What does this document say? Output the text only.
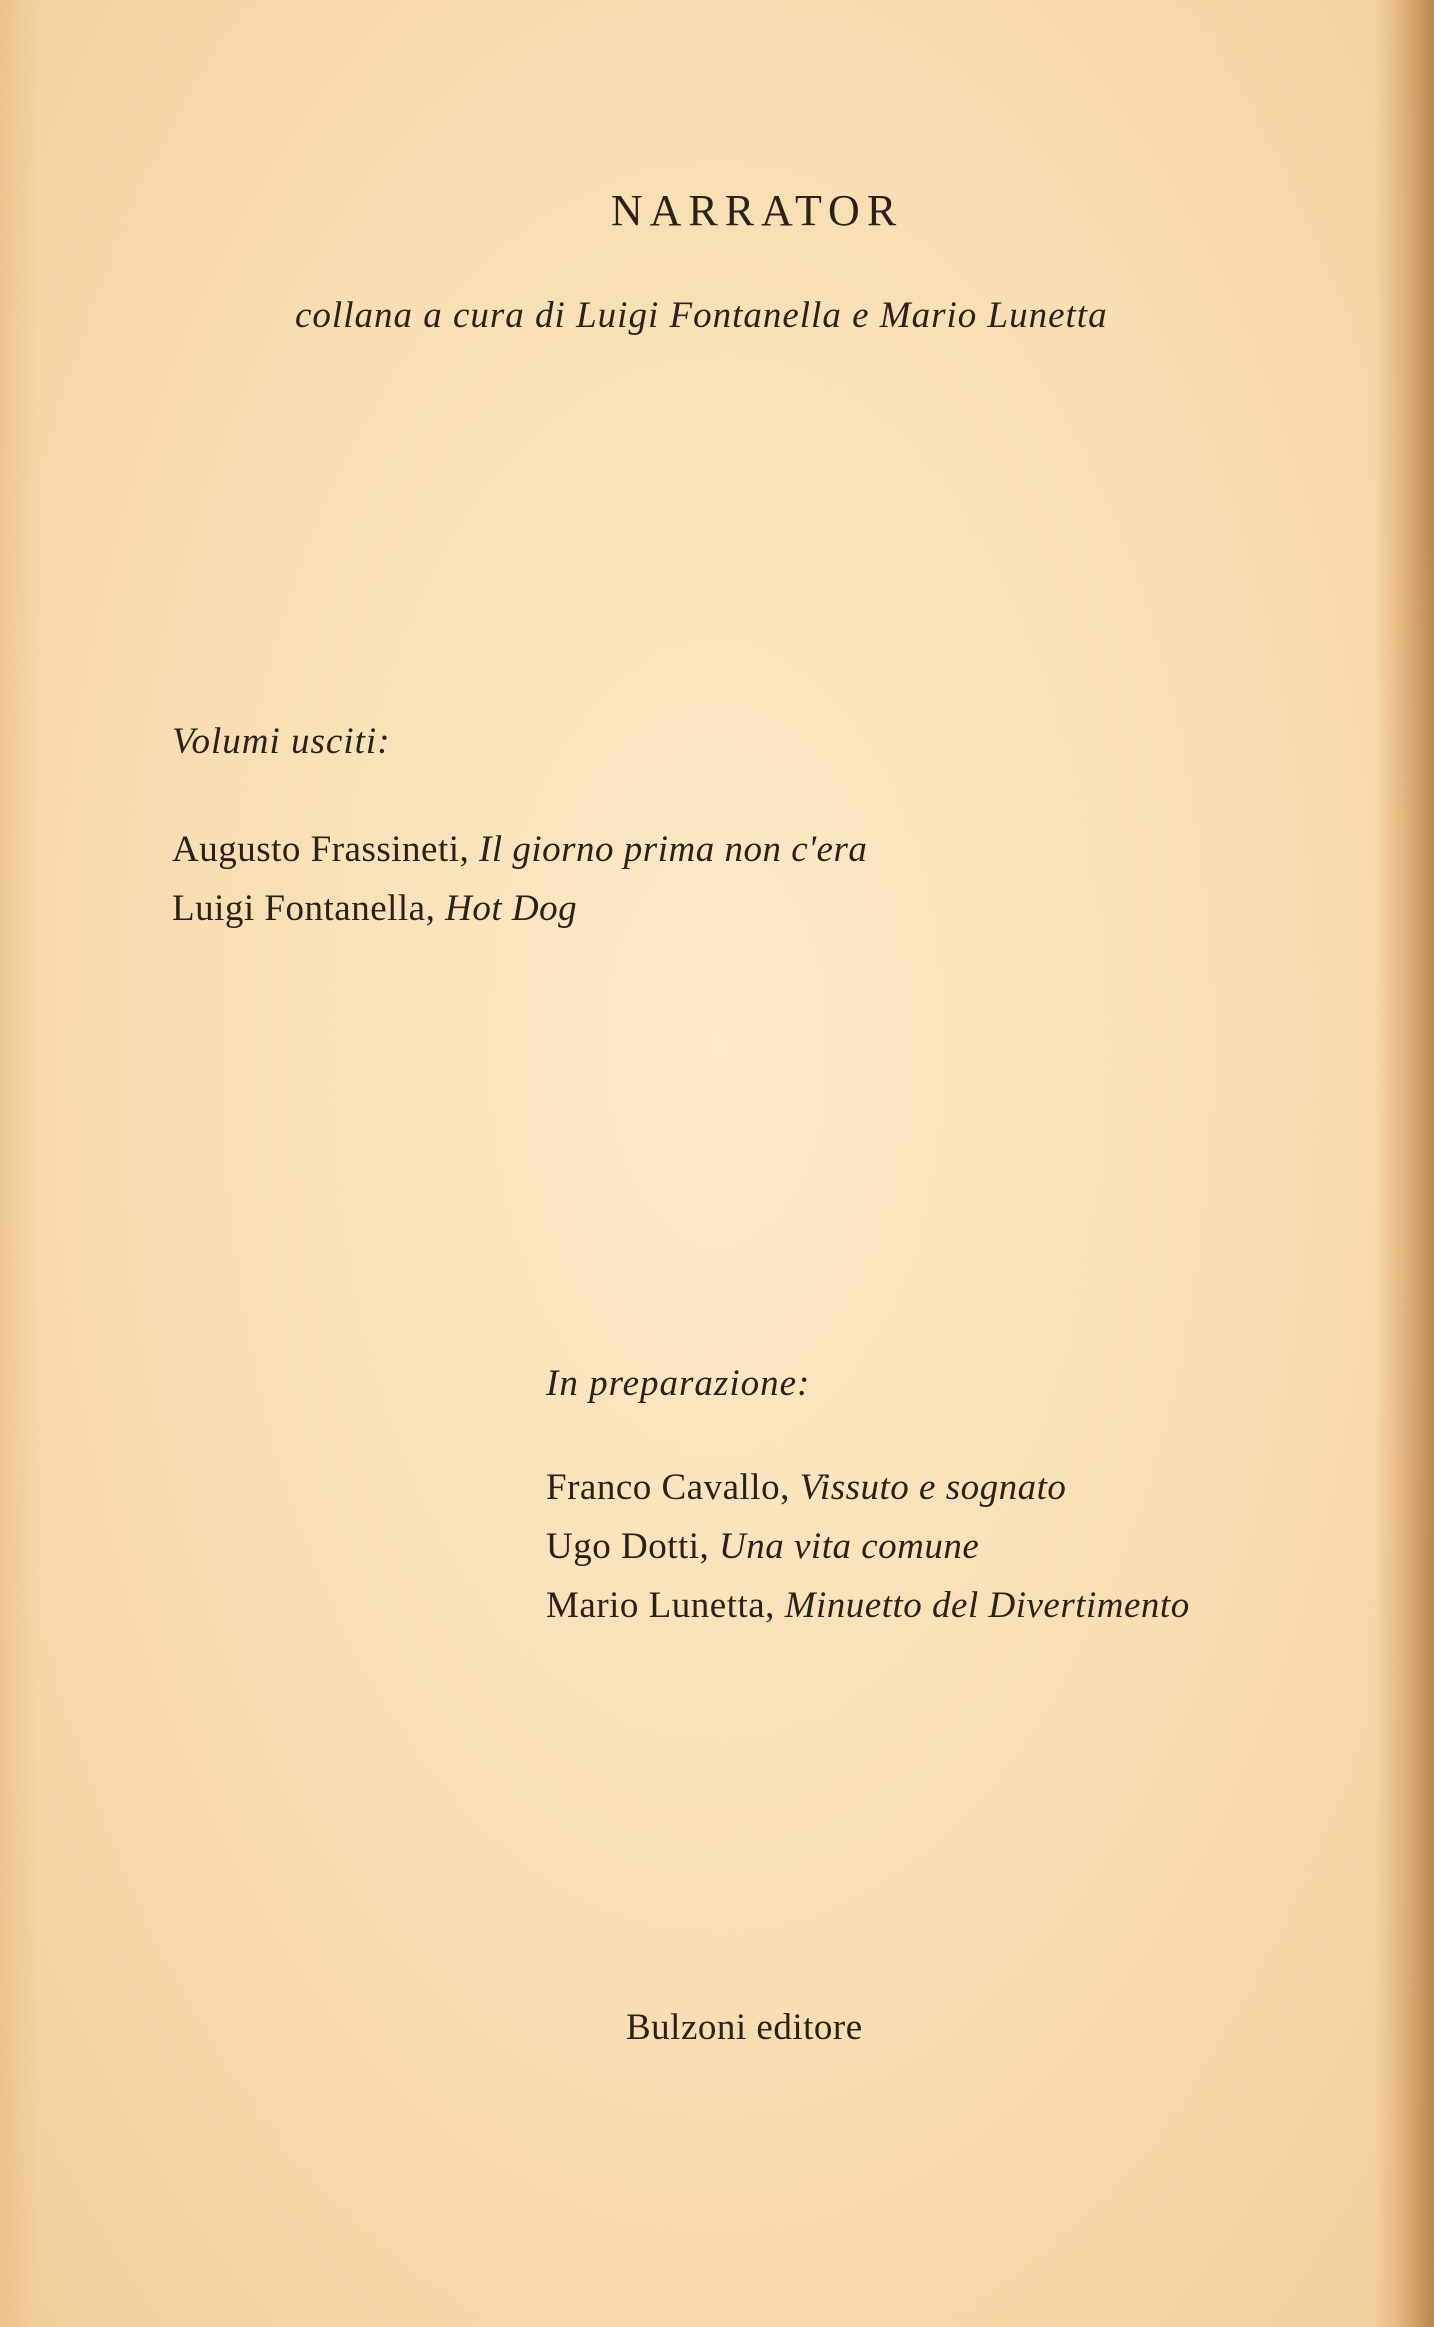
NARRATOR

collana a cura di Luigi Fontanella e Mario Lunetta

Volumi usciti:

Augusto Frassineti, Il giorno prima non c'era
Luigi Fontanella, Hot Dog

In preparazione:

Franco Cavallo, Vissuto e sognato
Ugo Dotti, Una vita comune
Mario Lunetta, Minuetto del Divertimento

Bulzoni editore
